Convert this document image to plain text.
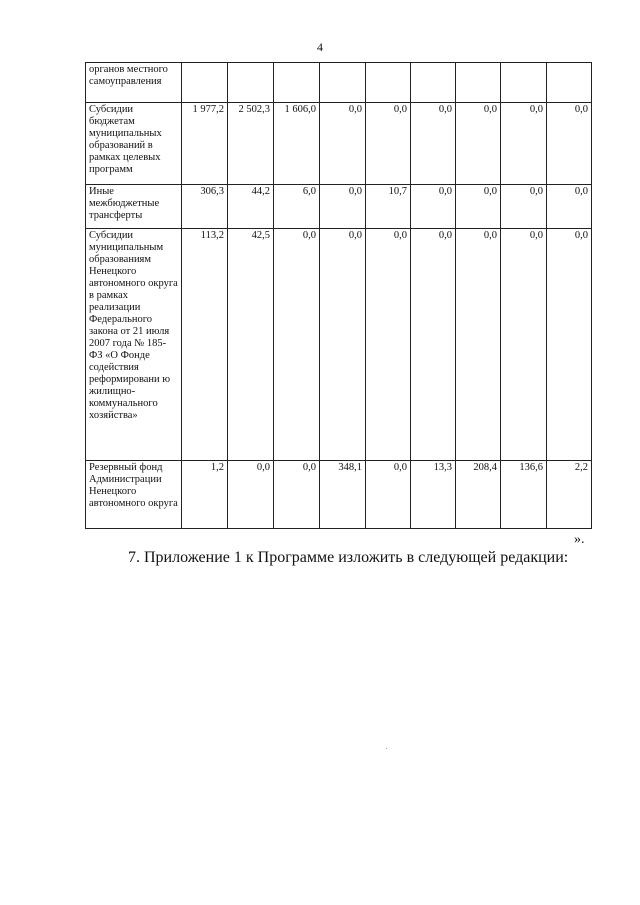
4
органов местного самоуправления									
Субсидии бюджетам муниципальных образований в рамках целевых программ	1 977,2	2 502,3	1 606,0	0,0	0,0	0,0	0,0	0,0	0,0
Иные межбюджетные трансферты	306,3	44,2	6,0	0,0	10,7	0,0	0,0	0,0	0,0
Субсидии муниципальным образованиям Ненецкого автономного округа в рамках реализации Федерального закона от 21 июля 2007 года № 185-ФЗ «О Фонде содействия реформировани ю жилищно-коммунального хозяйства»	113,2	42,5	0,0	0,0	0,0	0,0	0,0	0,0	0,0
Резервный фонд Администрации Ненецкого автономного округа	1,2	0,0	0,0	348,1	0,0	13,3	208,4	136,6	2,2
».
7. Приложение 1 к Программе изложить в следующей редакции:
